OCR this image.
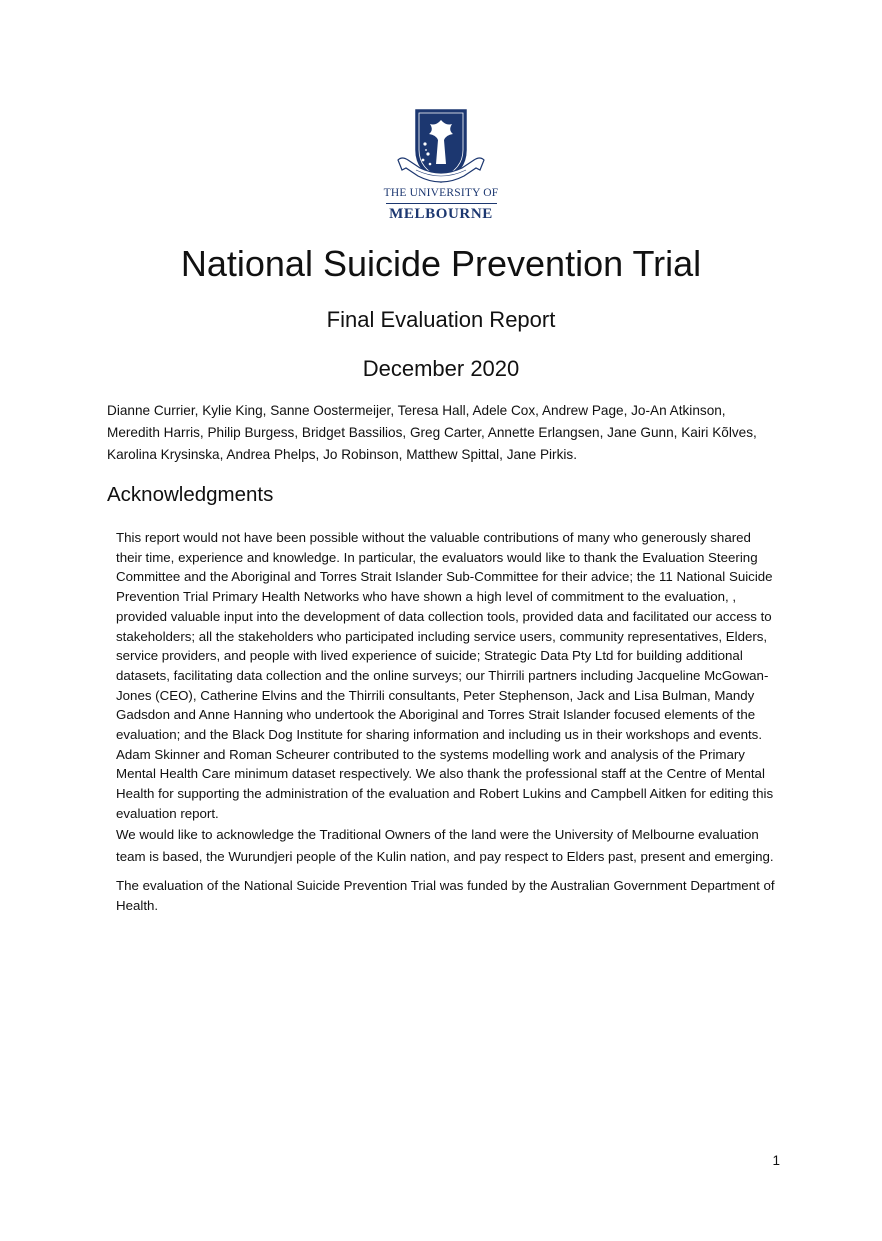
THE UNIVERSITY OF
MELBOURNE
National Suicide Prevention Trial
Final Evaluation Report
December 2020
Dianne Currier, Kylie King, Sanne Oostermeijer, Teresa Hall, Adele Cox, Andrew Page, Jo-An Atkinson, Meredith Harris, Philip Burgess, Bridget Bassilios, Greg Carter, Annette Erlangsen, Jane Gunn, Kairi Kõlves, Karolina Krysinska, Andrea Phelps, Jo Robinson, Matthew Spittal, Jane Pirkis.
Acknowledgments

This report would not have been possible without the valuable contributions of many who generously shared their time, experience and knowledge. In particular, the evaluators would like to thank the Evaluation Steering Committee and the Aboriginal and Torres Strait Islander Sub-Committee for their advice; the 11 National Suicide Prevention Trial Primary Health Networks who have shown a high level of commitment to the evaluation, , provided valuable input into the development of data collection tools, provided data and facilitated our access to stakeholders; all the stakeholders who participated including service users, community representatives, Elders, service providers, and people with lived experience of suicide; Strategic Data Pty Ltd for building additional datasets, facilitating data collection and the online surveys; our Thirrili partners including Jacqueline McGowan-Jones (CEO), Catherine Elvins and the Thirrili consultants, Peter Stephenson, Jack and Lisa Bulman, Mandy Gadsdon and Anne Hanning who undertook the Aboriginal and Torres Strait Islander focused elements of the evaluation; and the Black Dog Institute for sharing information and including us in their workshops and events. Adam Skinner and Roman Scheurer contributed to the systems modelling work and analysis of the Primary Mental Health Care minimum dataset respectively. We also thank the professional staff at the Centre of Mental Health for supporting the administration of the evaluation and Robert Lukins and Campbell Aitken for editing this evaluation report.

We would like to acknowledge the Traditional Owners of the land were the University of Melbourne evaluation team is based, the Wurundjeri people of the Kulin nation, and pay respect to Elders past, present and emerging.

The evaluation of the National Suicide Prevention Trial was funded by the Australian Government Department of Health.

1
